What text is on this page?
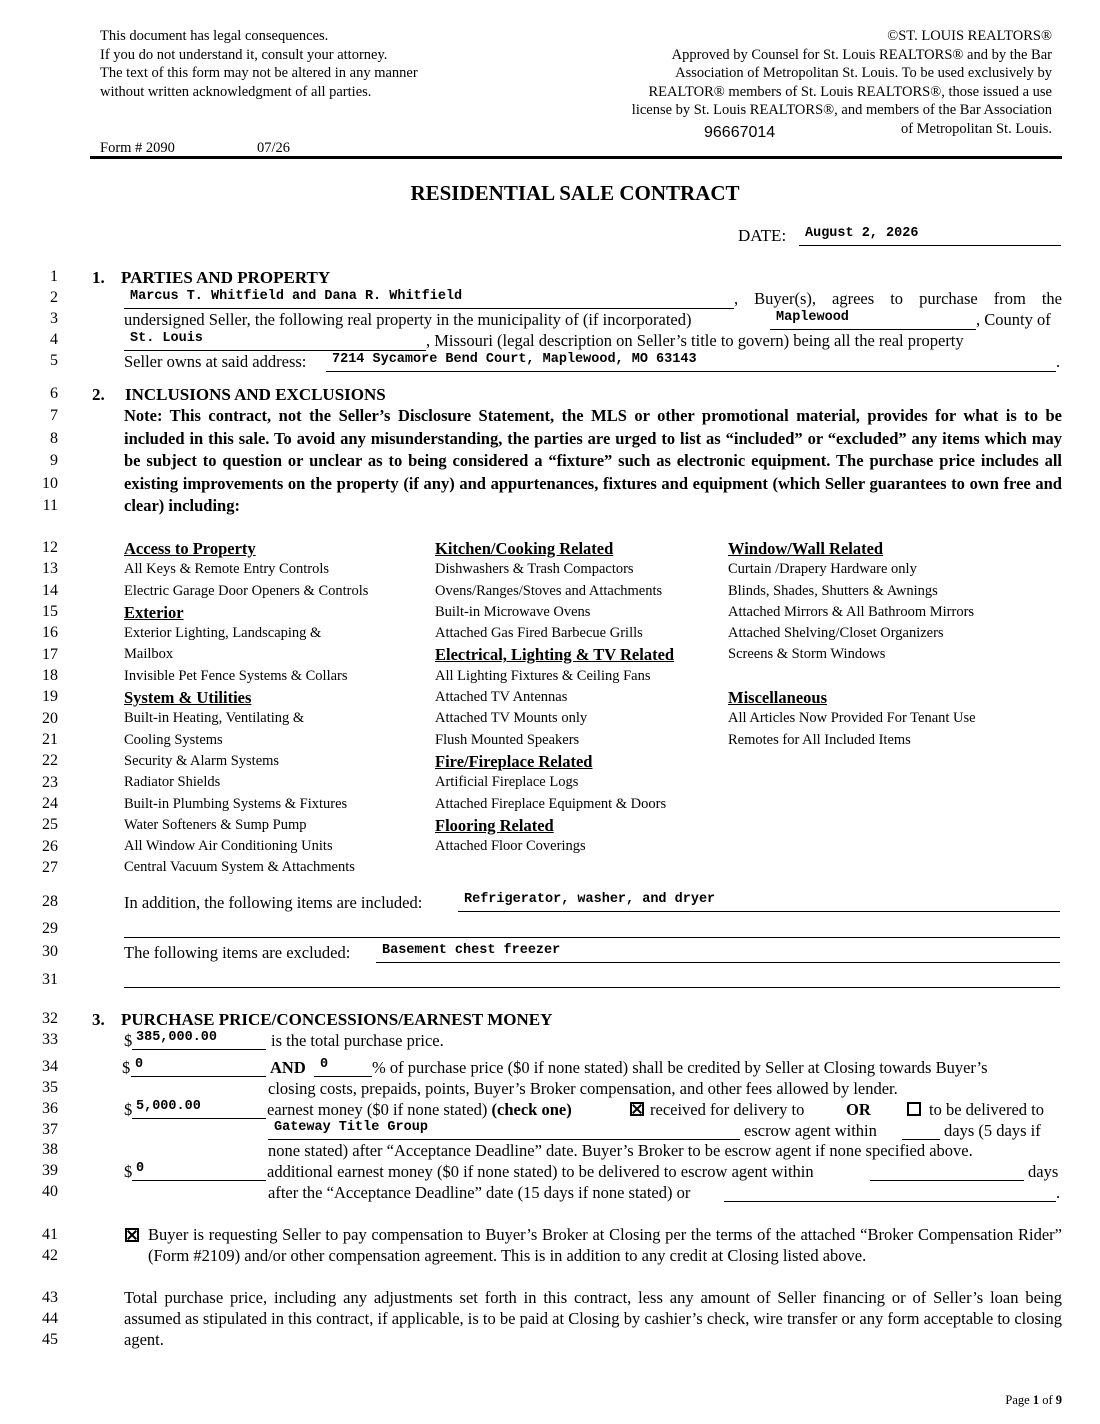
This document has legal consequences.
If you do not understand it, consult your attorney.
The text of this form may not be altered in any manner
without written acknowledgment of all parties.
©ST. LOUIS REALTORS®
Approved by Counsel for St. Louis REALTORS® and by the Bar
Association of Metropolitan St. Louis. To be used exclusively by
REALTOR® members of St. Louis REALTORS®, those issued a use
license by St. Louis REALTORS®, and members of the Bar Association
of Metropolitan St. Louis.
96667014
Form # 2090	07/26
RESIDENTIAL SALE CONTRACT
DATE: August 2, 2026
1
2
3
4
5
6
7
8
9
10
11
12
13
14
15
16
17
18
19
20
21
22
23
24
25
26
27
28
29
30
31
32
33
34
35
36
37
38
39
40
41
42
43
44
45
1. PARTIES AND PROPERTY
Marcus T. Whitfield and Dana R. Whitfield	, Buyer(s), agrees to purchase from the
undersigned Seller, the following real property in the municipality of (if incorporated)	Maplewood	, County of
St. Louis	, Missouri (legal description on Seller’s title to govern) being all the real property
Seller owns at said address: 7214 Sycamore Bend Court, Maplewood, MO 63143	.
2. INCLUSIONS AND EXCLUSIONS
Note: This contract, not the Seller’s Disclosure Statement, the MLS or other promotional material, provides for what is to be included in this sale. To avoid any misunderstanding, the parties are urged to list as “included” or “excluded” any items which may be subject to question or unclear as to being considered a “fixture” such as electronic equipment. The purchase price includes all existing improvements on the property (if any) and appurtenances, fixtures and equipment (which Seller guarantees to own free and clear) including:
Access to Property
All Keys & Remote Entry Controls
Electric Garage Door Openers & Controls
Exterior
Exterior Lighting, Landscaping &
Mailbox
Invisible Pet Fence Systems & Collars
System & Utilities
Built-in Heating, Ventilating &
Cooling Systems
Security & Alarm Systems
Radiator Shields
Built-in Plumbing Systems & Fixtures
Water Softeners & Sump Pump
All Window Air Conditioning Units
Central Vacuum System & Attachments
Kitchen/Cooking Related
Dishwashers & Trash Compactors
Ovens/Ranges/Stoves and Attachments
Built-in Microwave Ovens
Attached Gas Fired Barbecue Grills
Electrical, Lighting & TV Related
All Lighting Fixtures & Ceiling Fans
Attached TV Antennas
Attached TV Mounts only
Flush Mounted Speakers
Fire/Fireplace Related
Artificial Fireplace Logs
Attached Fireplace Equipment & Doors
Flooring Related
Attached Floor Coverings
Window/Wall Related
Curtain /Drapery Hardware only
Blinds, Shades, Shutters & Awnings
Attached Mirrors & All Bathroom Mirrors
Attached Shelving/Closet Organizers
Screens & Storm Windows
Miscellaneous
All Articles Now Provided For Tenant Use
Remotes for All Included Items
In addition, the following items are included:	Refrigerator, washer, and dryer
The following items are excluded: Basement chest freezer
3. PURCHASE PRICE/CONCESSIONS/EARNEST MONEY
$ 385,000.00	is the total purchase price.
$ 0	AND 0	% of purchase price ($0 if none stated) shall be credited by Seller at Closing towards Buyer’s
closing costs, prepaids, points, Buyer’s Broker compensation, and other fees allowed by lender.
$ 5,000.00	earnest money ($0 if none stated) (check one)	received for delivery to	OR	to be delivered to
Gateway Title Group	escrow agent within	days (5 days if
none stated) after “Acceptance Deadline” date. Buyer’s Broker to be escrow agent if none specified above.
$ 0	additional earnest money ($0 if none stated) to be delivered to escrow agent within	days
after the “Acceptance Deadline” date (15 days if none stated) or	.
Buyer is requesting Seller to pay compensation to Buyer’s Broker at Closing per the terms of the attached “Broker Compensation Rider” (Form #2109) and/or other compensation agreement. This is in addition to any credit at Closing listed above.
Total purchase price, including any adjustments set forth in this contract, less any amount of Seller financing or of Seller’s loan being assumed as stipulated in this contract, if applicable, is to be paid at Closing by cashier’s check, wire transfer or any form acceptable to closing agent.
Page 1 of 9
